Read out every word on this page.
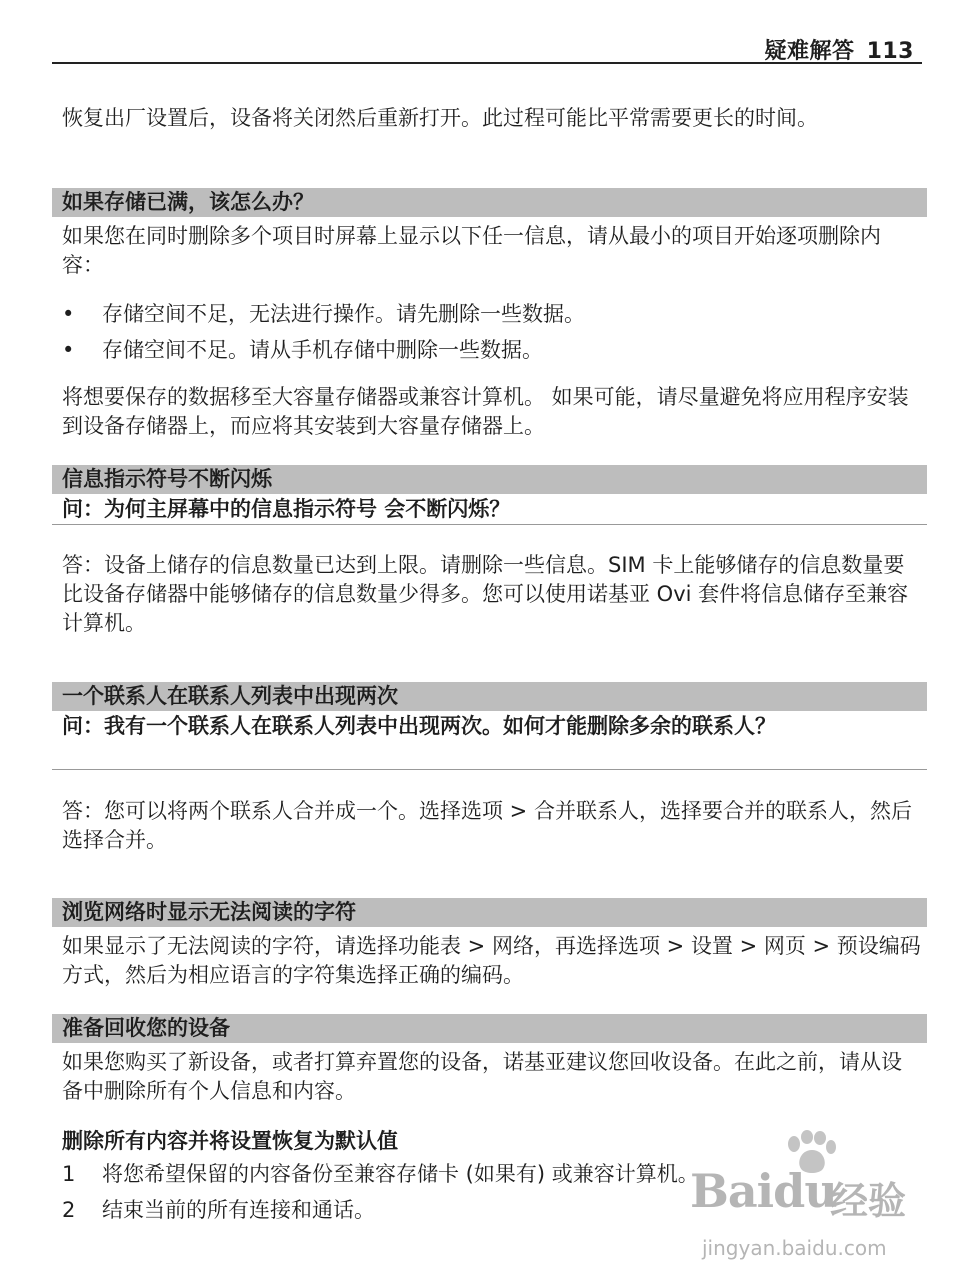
疑难解答 113

恢复出厂设置后，设备将关闭然后重新打开。此过程可能比平常需要更长的时间。

如果存储已满，该怎么办？

如果您在同时删除多个项目时屏幕上显示以下任一信息，请从最小的项目开始逐项删除内容：

• 存储空间不足，无法进行操作。请先删除一些数据。
• 存储空间不足。请从手机存储中删除一些数据。

将想要保存的数据移至大容量存储器或兼容计算机。 如果可能，请尽量避免将应用程序安装到设备存储器上，而应将其安装到大容量存储器上。

信息指示符号不断闪烁

问：为何主屏幕中的信息指示符号 会不断闪烁？

答：设备上储存的信息数量已达到上限。请删除一些信息。SIM 卡上能够储存的信息数量要比设备存储器中能够储存的信息数量少得多。您可以使用诺基亚 Ovi 套件将信息储存至兼容计算机。

一个联系人在联系人列表中出现两次

问：我有一个联系人在联系人列表中出现两次。如何才能删除多余的联系人？

答：您可以将两个联系人合并成一个。选择选项 > 合并联系人，选择要合并的联系人，然后选择合并。

浏览网络时显示无法阅读的字符

如果显示了无法阅读的字符，请选择功能表 > 网络，再选择选项 > 设置 > 网页 > 预设编码方式，然后为相应语言的字符集选择正确的编码。

准备回收您的设备

如果您购买了新设备，或者打算弃置您的设备，诺基亚建议您回收设备。在此之前，请从设备中删除所有个人信息和内容。

删除所有内容并将设置恢复为默认值
1 将您希望保留的内容备份至兼容存储卡 (如果有) 或兼容计算机。
2 结束当前的所有连接和通话。	Baidu
经验
jingyan.baidu.com
